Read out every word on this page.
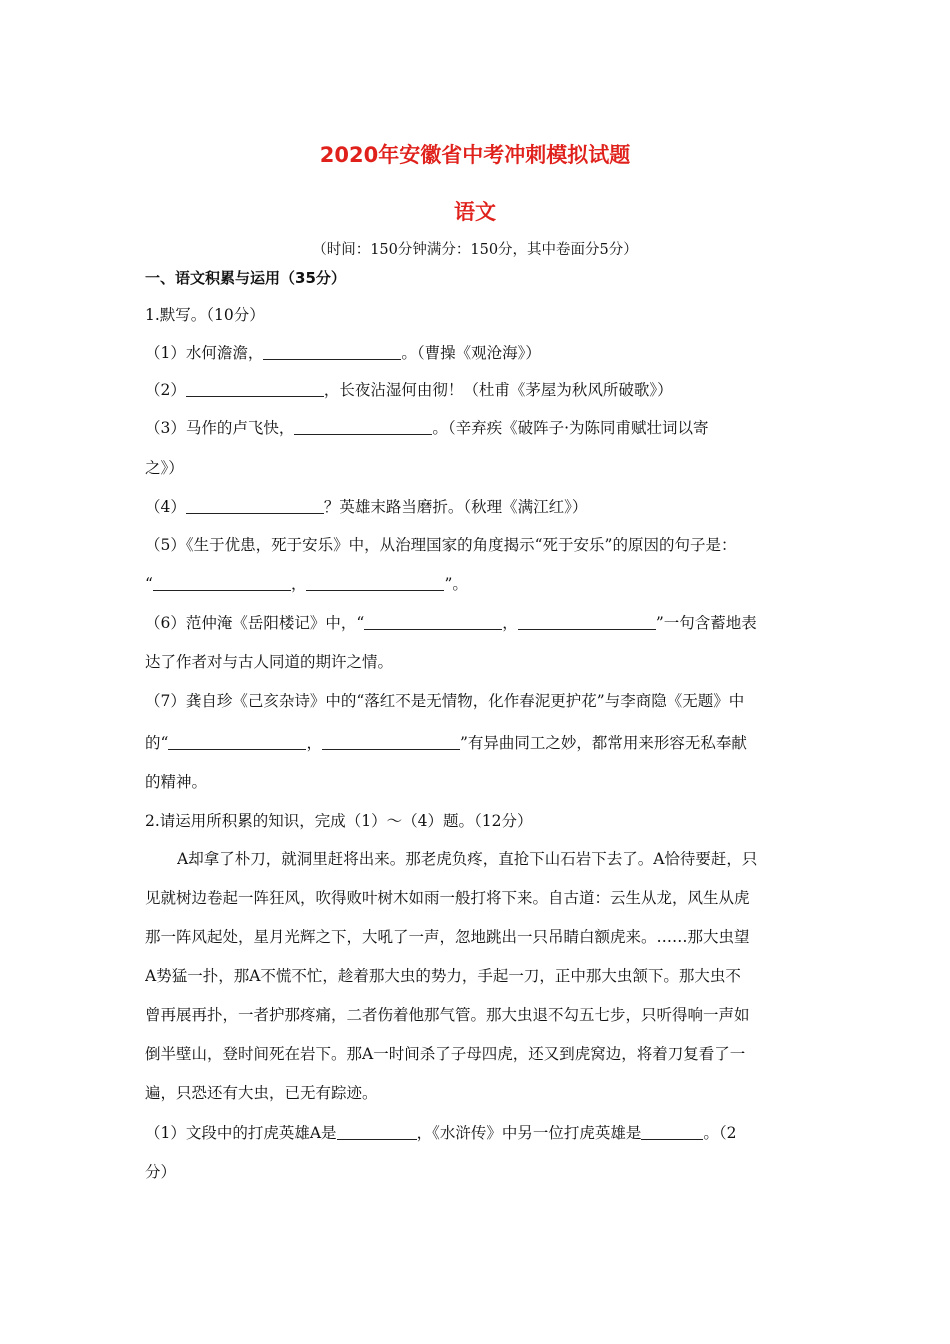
2020年安徽省中考冲刺模拟试题
语文
（时间：150分钟满分：150分，其中卷面分5分）
一、语文积累与运用（35分）
1.默写。（10分）
（1）水何澹澹，	。（曹操《观沧海》）
（2）	，长夜沾湿何由彻！（杜甫《茅屋为秋风所破歌》）
（3）马作的卢飞快，	。（辛弃疾《破阵子·为陈同甫赋壮词以寄
之》）
（4）	？英雄末路当磨折。（秋理《满江红》）
（5）《生于优患，死于安乐》中，从治理国家的角度揭示“死于安乐”的原因的句子是：
“	，	”。
（6）范仲淹《岳阳楼记》中，“	，	”一句含蓄地表
达了作者对与古人同道的期许之情。
（7）龚自珍《己亥杂诗》中的“落红不是无情物，化作春泥更护花”与李商隐《无题》中
的“	，	”有异曲同工之妙，都常用来形容无私奉献
的精神。
2.请运用所积累的知识，完成（1）～（4）题。（12分）
A却拿了朴刀，就洞里赶将出来。那老虎负疼，直抢下山石岩下去了。A恰待要赶，只
见就树边卷起一阵狂风，吹得败叶树木如雨一般打将下来。自古道：云生从龙，风生从虎
那一阵风起处，星月光辉之下，大吼了一声，忽地跳出一只吊睛白额虎来。……那大虫望
A势猛一扑，那A不慌不忙，趁着那大虫的势力，手起一刀，正中那大虫颔下。那大虫不
曾再展再扑，一者护那疼痛，二者伤着他那气管。那大虫退不勾五七步，只听得响一声如
倒半壁山，登时间死在岩下。那A一时间杀了子母四虎，还又到虎窝边，将着刀复看了一
遍，只恐还有大虫，已无有踪迹。
（1）文段中的打虎英雄A是	，《水浒传》中另一位打虎英雄是	。（2
分）
